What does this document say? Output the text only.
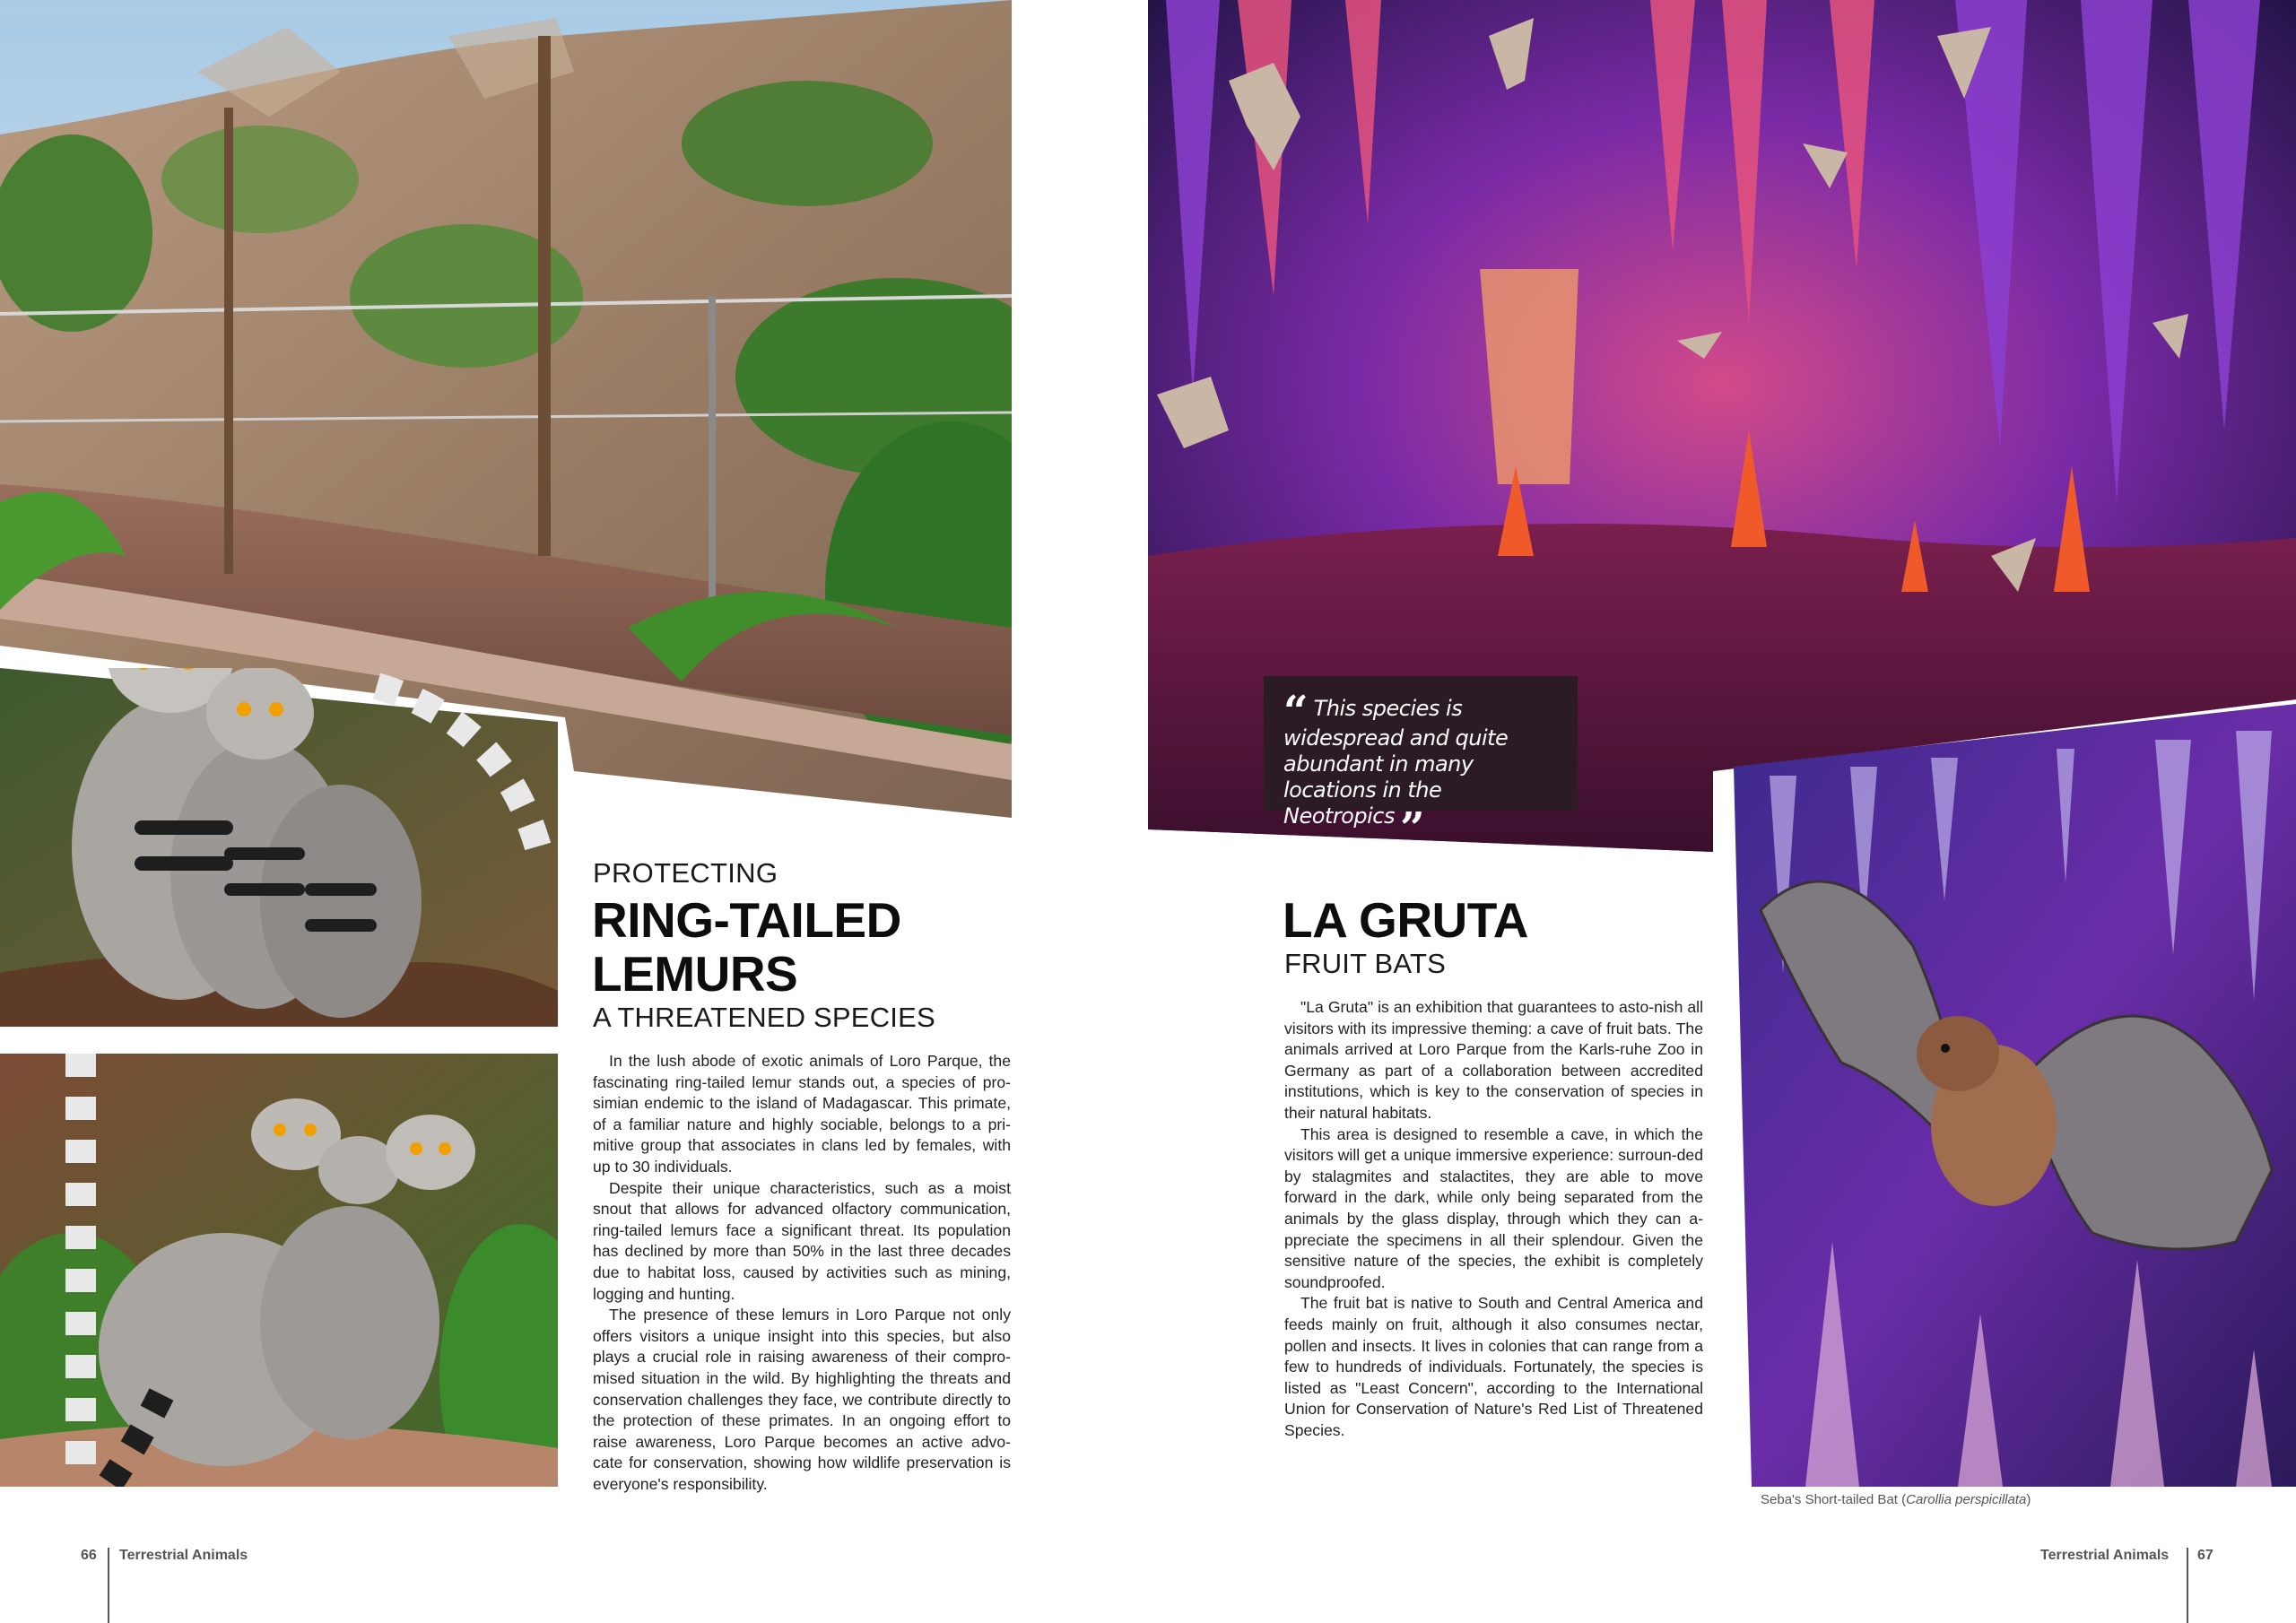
PROTECTING
RING-TAILED
LEMURS
A THREATENED SPECIES

In the lush abode of exotic animals of Loro Parque, the fascinating ring-tailed lemur stands out, a species of pro-simian endemic to the island of Madagascar. This primate, of a familiar nature and highly sociable, belongs to a pri-mitive group that associates in clans led by females, with up to 30 individuals.

Despite their unique characteristics, such as a moist snout that allows for advanced olfactory communication, ring-tailed lemurs face a significant threat. Its population has declined by more than 50% in the last three decades due to habitat loss, caused by activities such as mining, logging and hunting.

The presence of these lemurs in Loro Parque not only offers visitors a unique insight into this species, but also plays a crucial role in raising awareness of their compro-mised situation in the wild. By highlighting the threats and conservation challenges they face, we contribute directly to the protection of these primates. In an ongoing effort to raise awareness, Loro Parque becomes an active advo-cate for conservation, showing how wildlife preservation is everyone's responsibility.

“ This species is widespread and quite abundant in many locations in the Neotropics ”
LA GRUTA
FRUIT BATS

"La Gruta" is an exhibition that guarantees to asto-nish all visitors with its impressive theming: a cave of fruit bats. The animals arrived at Loro Parque from the Karls-ruhe Zoo in Germany as part of a collaboration between accredited institutions, which is key to the conservation of species in their natural habitats.

This area is designed to resemble a cave, in which the visitors will get a unique immersive experience: surroun-ded by stalagmites and stalactites, they are able to move forward in the dark, while only being separated from the animals by the glass display, through which they can a-ppreciate the specimens in all their splendour. Given the sensitive nature of the species, the exhibit is completely soundproofed.

The fruit bat is native to South and Central America and feeds mainly on fruit, although it also consumes nectar, pollen and insects. It lives in colonies that can range from a few to hundreds of individuals. Fortunately, the species is listed as "Least Concern", according to the International Union for Conservation of Nature's Red List of Threatened Species.

Seba's Short-tailed Bat (Carollia perspicillata)
66 Terrestrial Animals	Terrestrial Animals 67
